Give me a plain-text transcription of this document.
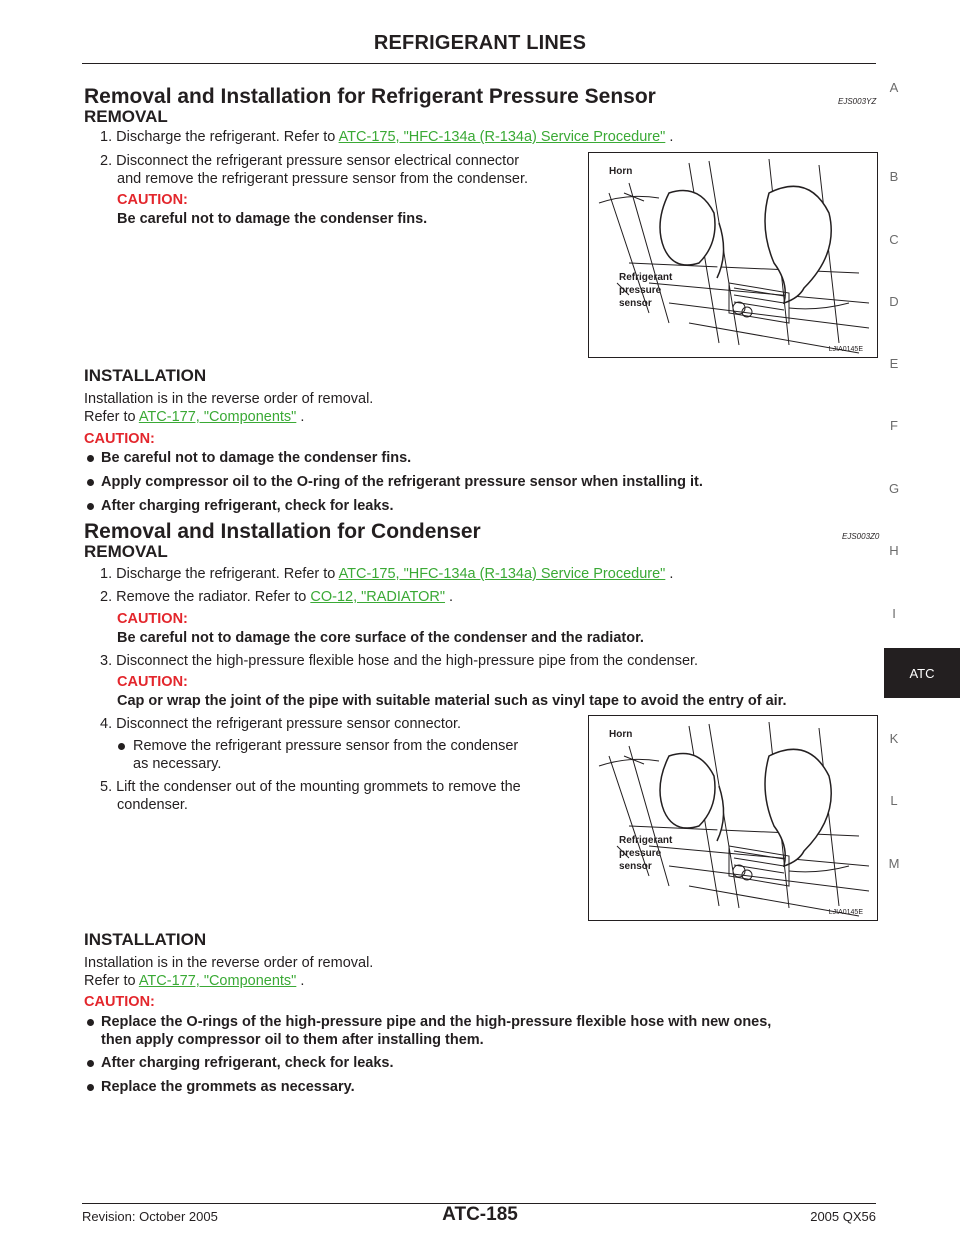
REFRIGERANT LINES
A
B
C
D
E
F
G
H
I
ATC
K
L
M
Removal and Installation for Refrigerant Pressure Sensor	EJS003YZ
REMOVAL
1. Discharge the refrigerant. Refer to ATC-175, "HFC-134a (R-134a) Service Procedure" .
2. Disconnect the refrigerant pressure sensor electrical connector
and remove the refrigerant pressure sensor from the condenser.
CAUTION:
Be careful not to damage the condenser fins.
Horn
Refrigerant
pressure
sensor
LJIA0145E
INSTALLATION
Installation is in the reverse order of removal.
Refer to ATC-177, "Components" .
CAUTION:
Be careful not to damage the condenser fins.
Apply compressor oil to the O-ring of the refrigerant pressure sensor when installing it.
After charging refrigerant, check for leaks.
Removal and Installation for Condenser	EJS003Z0
REMOVAL
1. Discharge the refrigerant. Refer to ATC-175, "HFC-134a (R-134a) Service Procedure" .
2. Remove the radiator. Refer to CO-12, "RADIATOR" .
CAUTION:
Be careful not to damage the core surface of the condenser and the radiator.
3. Disconnect the high-pressure flexible hose and the high-pressure pipe from the condenser.
CAUTION:
Cap or wrap the joint of the pipe with suitable material such as vinyl tape to avoid the entry of air.
4. Disconnect the refrigerant pressure sensor connector.
Remove the refrigerant pressure sensor from the condenser
as necessary.
5. Lift the condenser out of the mounting grommets to remove the
condenser.
Horn
Refrigerant
pressure
sensor
LJIA0145E
INSTALLATION
Installation is in the reverse order of removal.
Refer to ATC-177, "Components" .
CAUTION:
Replace the O-rings of the high-pressure pipe and the high-pressure flexible hose with new ones,
then apply compressor oil to them after installing them.
After charging refrigerant, check for leaks.
Replace the grommets as necessary.
ATC-185
Revision: October 2005	2005 QX56
